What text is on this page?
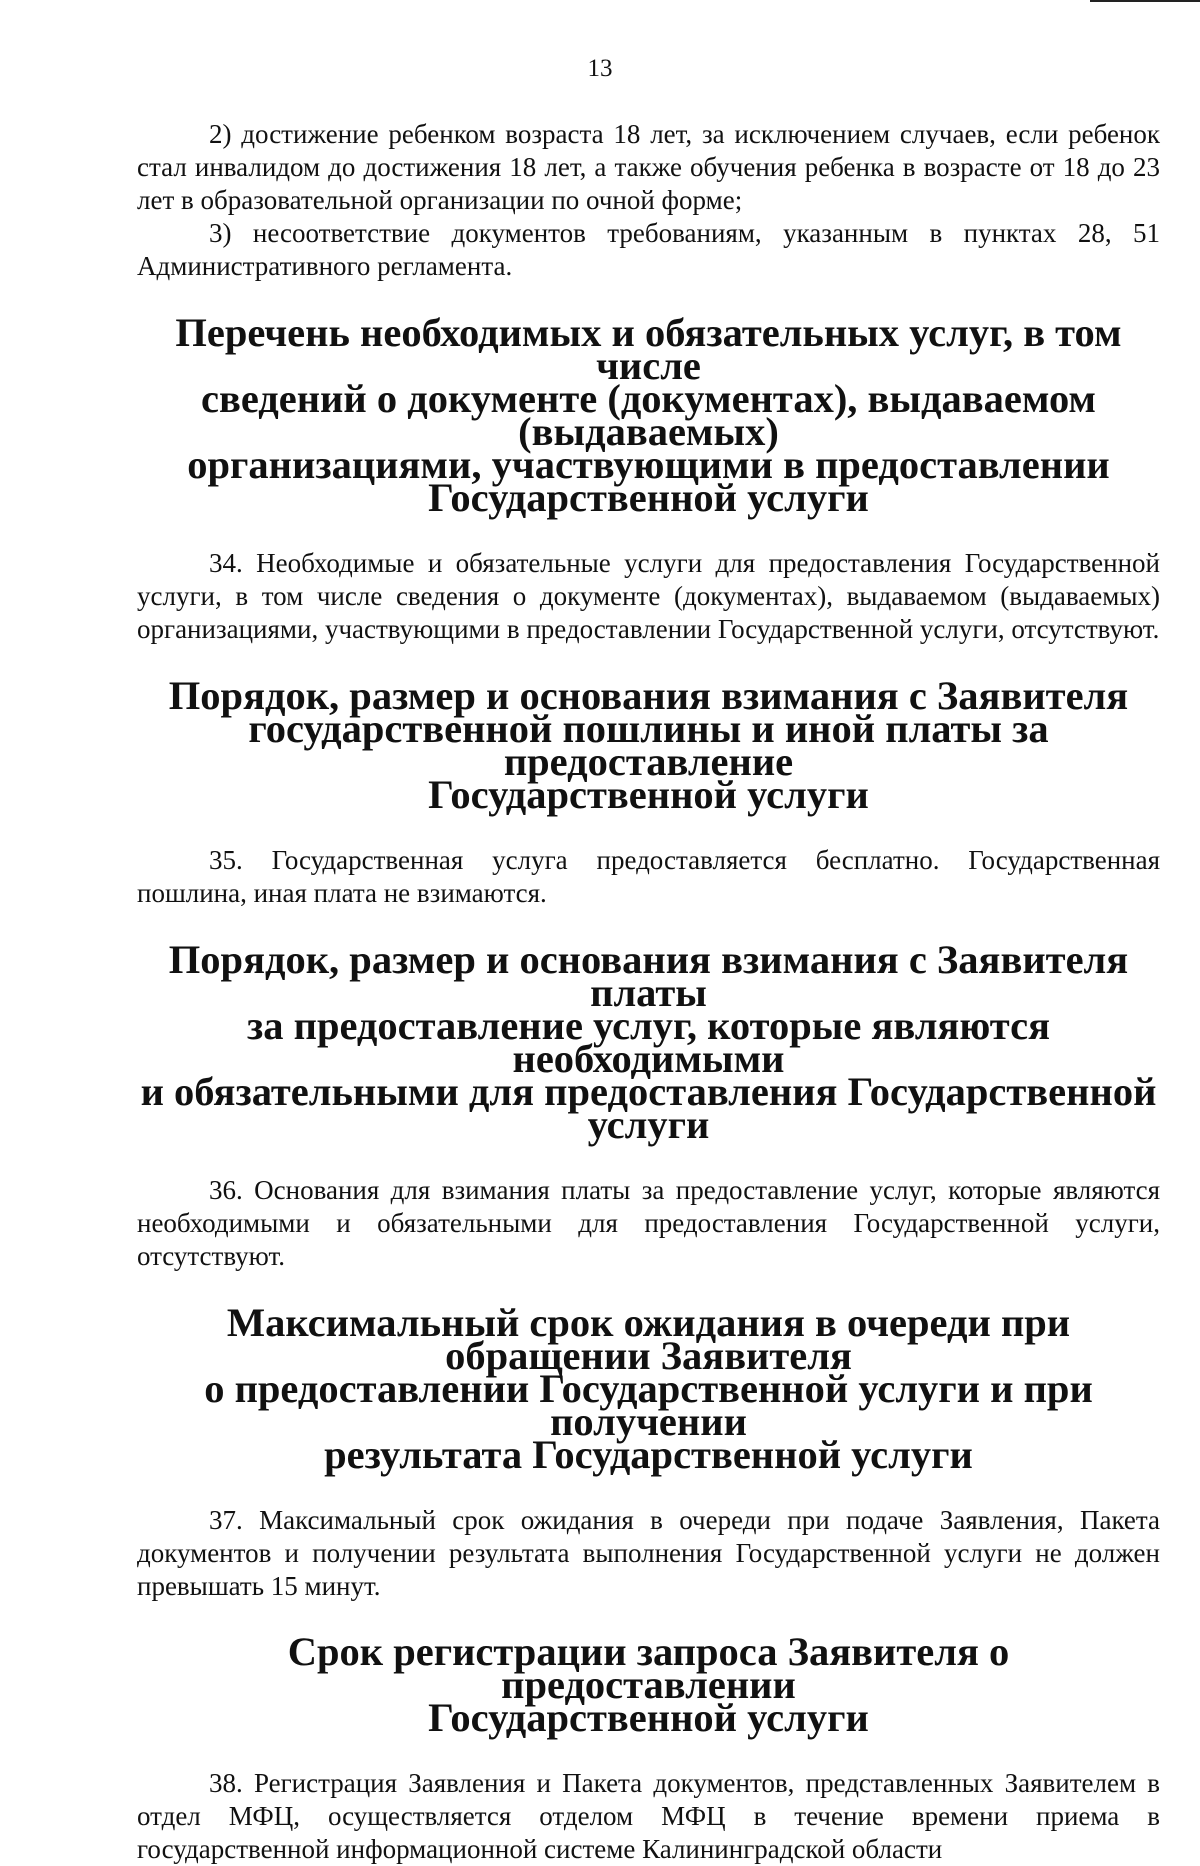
13

2) достижение ребенком возраста 18 лет, за исключением случаев, если ребенок стал инвалидом до достижения 18 лет, а также обучения ребенка в возрасте от 18 до 23 лет в образовательной организации по очной форме;

3) несоответствие документов требованиям, указанным в пунктах 28, 51 Административного регламента.

Перечень необходимых и обязательных услуг, в том числе
сведений о документе (документах), выдаваемом (выдаваемых)
организациями, участвующими в предоставлении
Государственной услуги

34. Необходимые и обязательные услуги для предоставления Государственной услуги, в том числе сведения о документе (документах), выдаваемом (выдаваемых) организациями, участвующими в предоставлении Государственной услуги, отсутствуют.

Порядок, размер и основания взимания с Заявителя
государственной пошлины и иной платы за предоставление
Государственной услуги

35. Государственная услуга предоставляется бесплатно. Государственная пошлина, иная плата не взимаются.

Порядок, размер и основания взимания с Заявителя платы
за предоставление услуг, которые являются необходимыми
и обязательными для предоставления Государственной услуги

36. Основания для взимания платы за предоставление услуг, которые являются необходимыми и обязательными для предоставления Государственной услуги, отсутствуют.

Максимальный срок ожидания в очереди при обращении Заявителя
о предоставлении Государственной услуги и при получении
результата Государственной услуги

37. Максимальный срок ожидания в очереди при подаче Заявления, Пакета документов и получении результата выполнения Государственной услуги не должен превышать 15 минут.

Срок регистрации запроса Заявителя о предоставлении
Государственной услуги

38. Регистрация Заявления и Пакета документов, представленных Заявителем в отдел МФЦ, осуществляется отделом МФЦ в течение времени приема в государственной информационной системе Калининградской области
